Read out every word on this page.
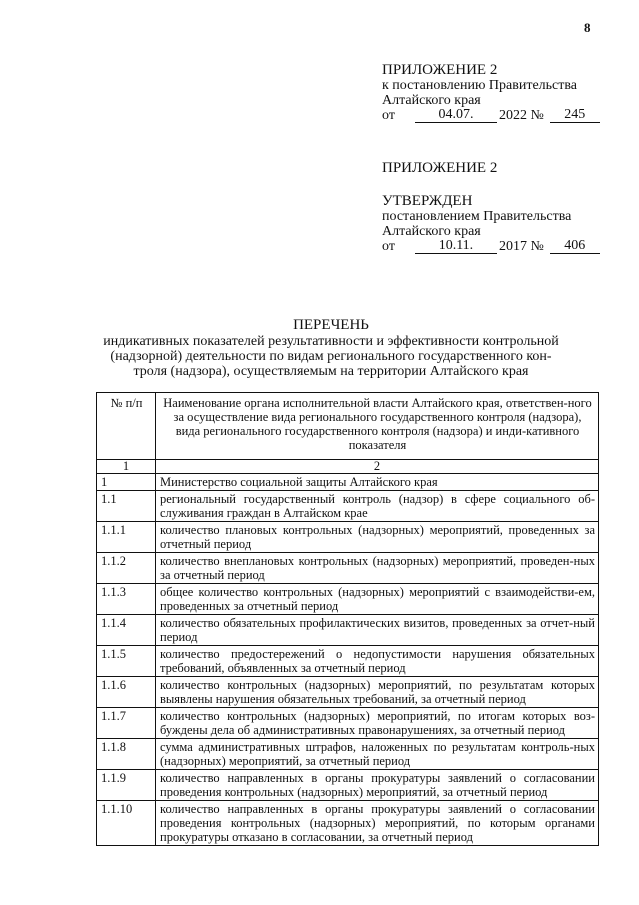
8
ПРИЛОЖЕНИЕ 2
к постановлению Правительства
Алтайского края
от	04.07.	2022 №	245
ПРИЛОЖЕНИЕ 2
УТВЕРЖДЕН
постановлением Правительства
Алтайского края
от	10.11.	2017 №	406
ПЕРЕЧЕНЬ
индикативных показателей результативности и эффективности контрольной
(надзорной) деятельности по видам регионального государственного кон-
троля (надзора), осуществляемым на территории Алтайского края
№ п/п	Наименование органа исполнительной власти Алтайского края, ответствен-ного за осуществление вида регионального государственного контроля (надзора), вида регионального государственного контроля (надзора) и инди-кативного показателя
1	2
1	Министерство социальной защиты Алтайского края
1.1	региональный государственный контроль (надзор) в сфере социального об-служивания граждан в Алтайском крае
1.1.1	количество плановых контрольных (надзорных) мероприятий, проведенных за отчетный период
1.1.2	количество внеплановых контрольных (надзорных) мероприятий, проведен-ных за отчетный период
1.1.3	общее количество контрольных (надзорных) мероприятий с взаимодействи-ем, проведенных за отчетный период
1.1.4	количество обязательных профилактических визитов, проведенных за отчет-ный период
1.1.5	количество предостережений о недопустимости нарушения обязательных требований, объявленных за отчетный период
1.1.6	количество контрольных (надзорных) мероприятий, по результатам которых выявлены нарушения обязательных требований, за отчетный период
1.1.7	количество контрольных (надзорных) мероприятий, по итогам которых воз-буждены дела об административных правонарушениях, за отчетный период
1.1.8	сумма административных штрафов, наложенных по результатам контроль-ных (надзорных) мероприятий, за отчетный период
1.1.9	количество направленных в органы прокуратуры заявлений о согласовании проведения контрольных (надзорных) мероприятий, за отчетный период
1.1.10	количество направленных в органы прокуратуры заявлений о согласовании проведения контрольных (надзорных) мероприятий, по которым органами прокуратуры отказано в согласовании, за отчетный период
